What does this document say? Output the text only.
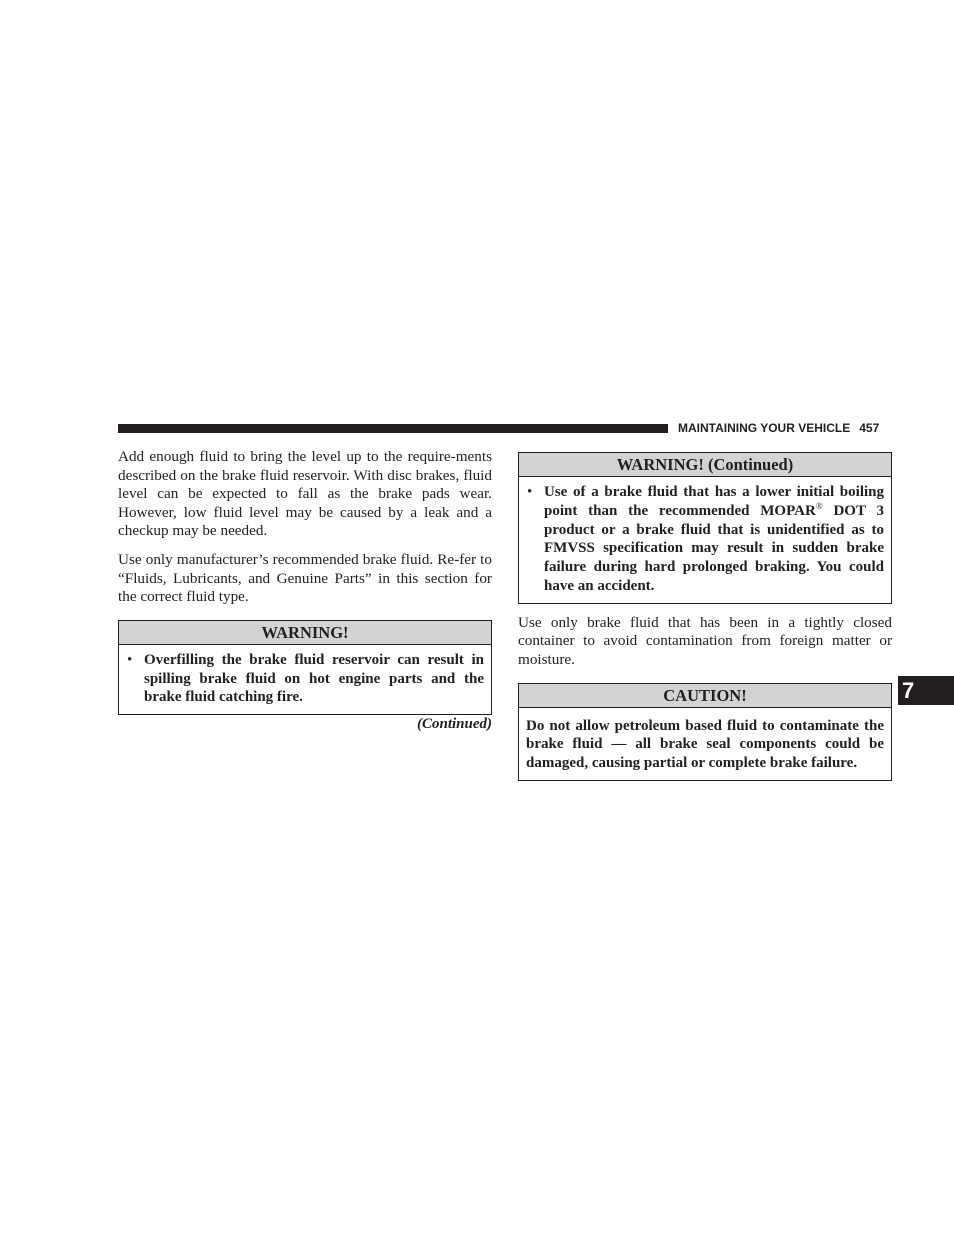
MAINTAINING YOUR VEHICLE 457

Add enough fluid to bring the level up to the require-ments described on the brake fluid reservoir. With disc brakes, fluid level can be expected to fall as the brake pads wear. However, low fluid level may be caused by a leak and a checkup may be needed.

Use only manufacturer’s recommended brake fluid. Re-fer to “Fluids, Lubricants, and Genuine Parts” in this section for the correct fluid type.

WARNING!
• Overfilling the brake fluid reservoir can result in spilling brake fluid on hot engine parts and the brake fluid catching fire.
(Continued)
WARNING! (Continued)
• Use of a brake fluid that has a lower initial boiling point than the recommended MOPAR® DOT 3 product or a brake fluid that is unidentified as to FMVSS specification may result in sudden brake failure during hard prolonged braking. You could have an accident.

Use only brake fluid that has been in a tightly closed container to avoid contamination from foreign matter or moisture.

CAUTION!
Do not allow petroleum based fluid to contaminate the brake fluid — all brake seal components could be damaged, causing partial or complete brake failure.
7
